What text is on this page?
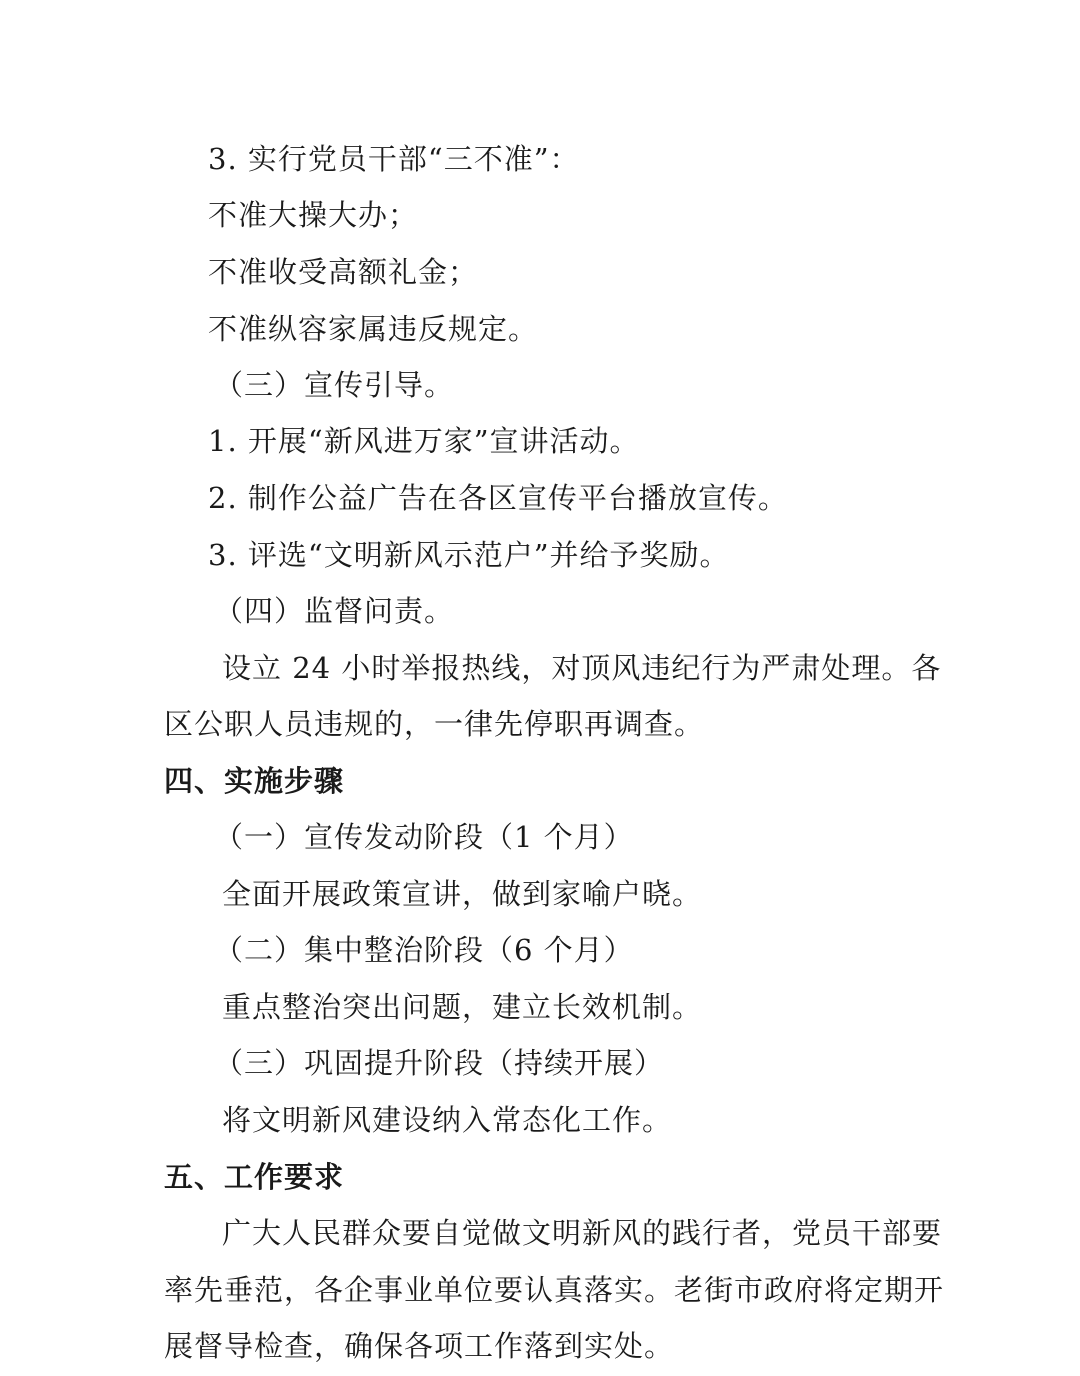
3. 实行党员干部“三不准”：
不准大操大办；
不准收受高额礼金；
不准纵容家属违反规定。
（三）宣传引导。
1. 开展“新风进万家”宣讲活动。
2. 制作公益广告在各区宣传平台播放宣传。
3. 评选“文明新风示范户”并给予奖励。
（四）监督问责。
设立 24 小时举报热线，对顶风违纪行为严肃处理。各
区公职人员违规的，一律先停职再调查。
四、实施步骤
（一）宣传发动阶段（1 个月）
全面开展政策宣讲，做到家喻户晓。
（二）集中整治阶段（6 个月）
重点整治突出问题，建立长效机制。
（三）巩固提升阶段（持续开展）
将文明新风建设纳入常态化工作。
五、工作要求
广大人民群众要自觉做文明新风的践行者，党员干部要
率先垂范，各企事业单位要认真落实。老街市政府将定期开
展督导检查，确保各项工作落到实处。
